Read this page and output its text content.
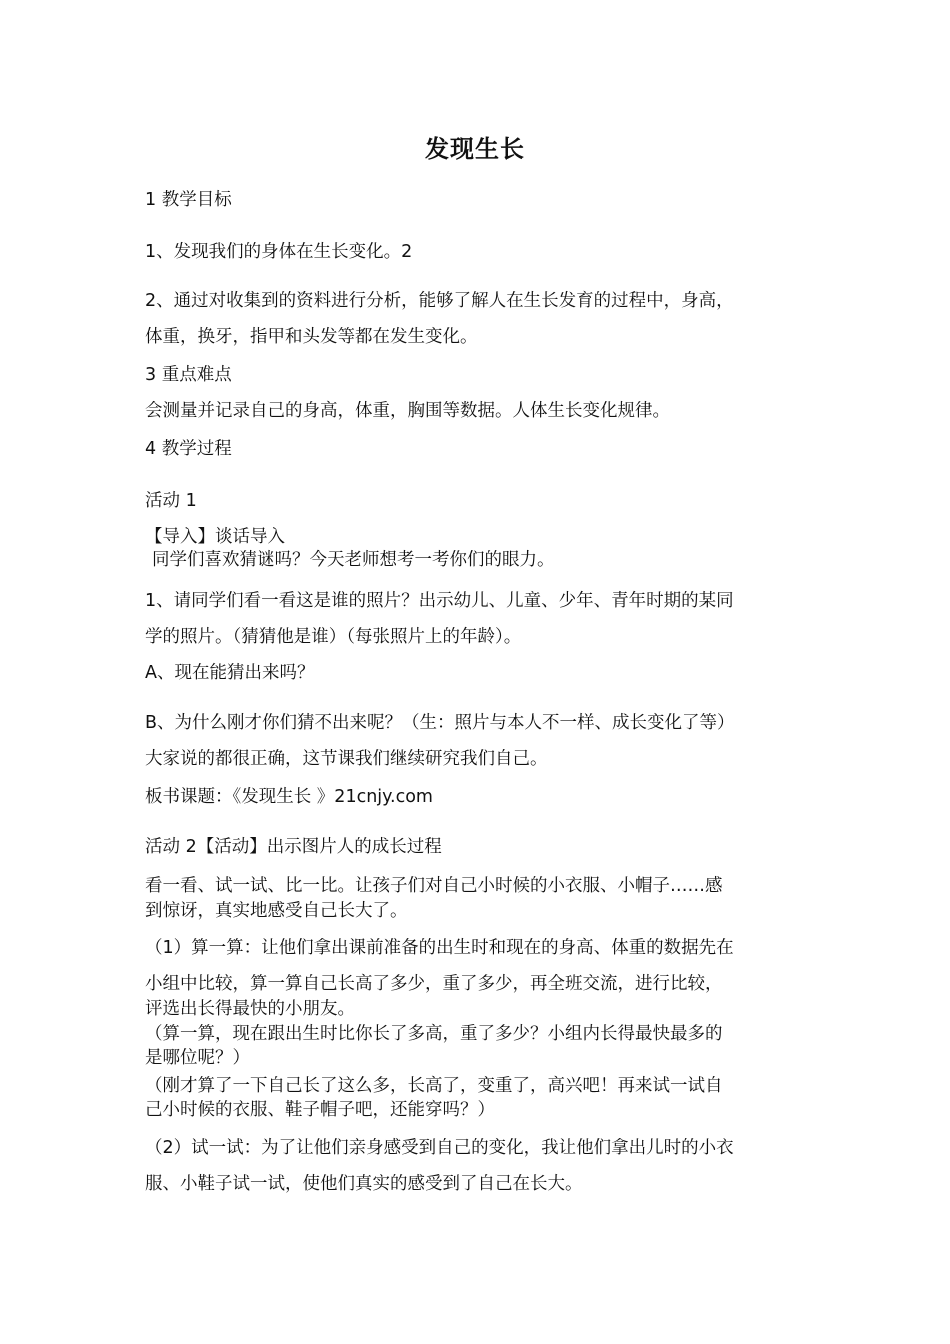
发现生长
1 教学目标
1、发现我们的身体在生长变化。2
2、通过对收集到的资料进行分析，能够了解人在生长发育的过程中，身高，
体重，换牙，指甲和头发等都在发生变化。
3 重点难点
会测量并记录自己的身高，体重，胸围等数据。人体生长变化规律。
4 教学过程
活动 1
【导入】谈话导入
同学们喜欢猜谜吗？今天老师想考一考你们的眼力。
1、请同学们看一看这是谁的照片？出示幼儿、儿童、少年、青年时期的某同
学的照片。（猜猜他是谁）（每张照片上的年龄）。
A、现在能猜出来吗？
B、为什么刚才你们猜不出来呢？（生：照片与本人不一样、成长变化了等）
大家说的都很正确，这节课我们继续研究我们自己。
板书课题：《发现生长 》21cnjy.com
活动 2【活动】出示图片人的成长过程
看一看、试一试、比一比。让孩子们对自己小时候的小衣服、小帽子……感
到惊讶，真实地感受自己长大了。
（1）算一算：让他们拿出课前准备的出生时和现在的身高、体重的数据先在
小组中比较，算一算自己长高了多少，重了多少，再全班交流，进行比较，
评选出长得最快的小朋友。
（算一算，现在跟出生时比你长了多高，重了多少？小组内长得最快最多的
是哪位呢？）
（刚才算了一下自己长了这么多，长高了，变重了，高兴吧！再来试一试自
己小时候的衣服、鞋子帽子吧，还能穿吗？）
（2）试一试：为了让他们亲身感受到自己的变化，我让他们拿出儿时的小衣
服、小鞋子试一试，使他们真实的感受到了自己在长大。
